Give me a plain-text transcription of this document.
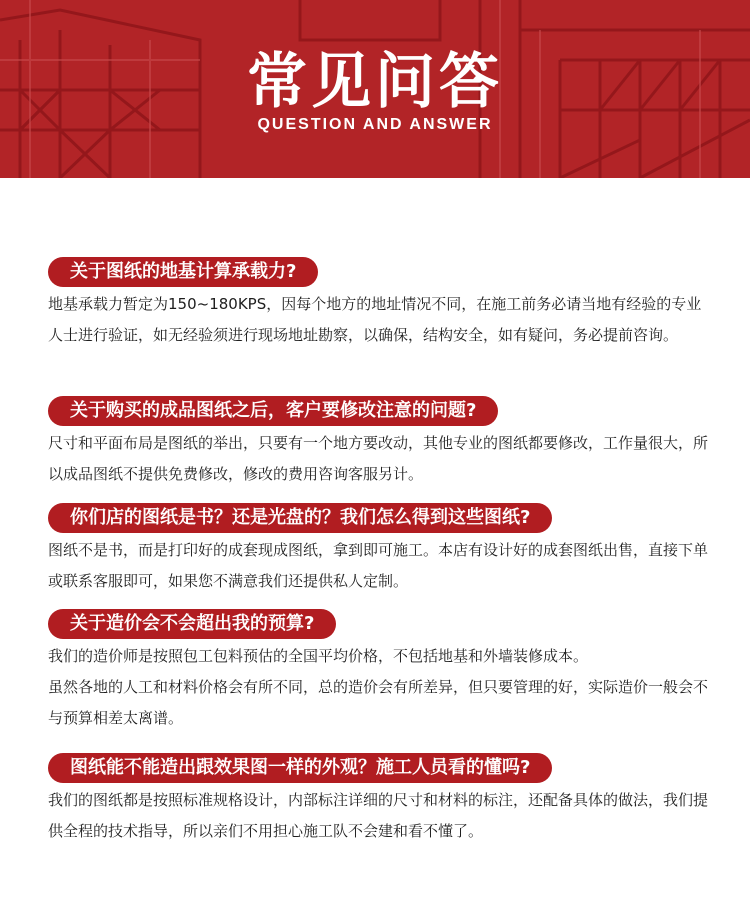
常见问答
QUESTION AND ANSWER
关于图纸的地基计算承载力?

地基承载力暂定为150~180KPS，因每个地方的地址情况不同，在施工前务必请当地有经验的专业人士进行验证，如无经验须进行现场地址勘察，以确保，结构安全，如有疑问，务必提前咨询。

关于购买的成品图纸之后，客户要修改注意的问题?

尺寸和平面布局是图纸的举出，只要有一个地方要改动，其他专业的图纸都要修改，工作量很大，所以成品图纸不提供免费修改，修改的费用咨询客服另计。

你们店的图纸是书？还是光盘的？我们怎么得到这些图纸?

图纸不是书，而是打印好的成套现成图纸，拿到即可施工。本店有设计好的成套图纸出售，直接下单或联系客服即可，如果您不满意我们还提供私人定制。

关于造价会不会超出我的预算?

我们的造价师是按照包工包料预估的全国平均价格，不包括地基和外墙装修成本。

虽然各地的人工和材料价格会有所不同，总的造价会有所差异，但只要管理的好，实际造价一般会不与预算相差太离谱。

图纸能不能造出跟效果图一样的外观？施工人员看的懂吗?

我们的图纸都是按照标准规格设计，内部标注详细的尺寸和材料的标注，还配备具体的做法，我们提供全程的技术指导，所以亲们不用担心施工队不会建和看不懂了。
